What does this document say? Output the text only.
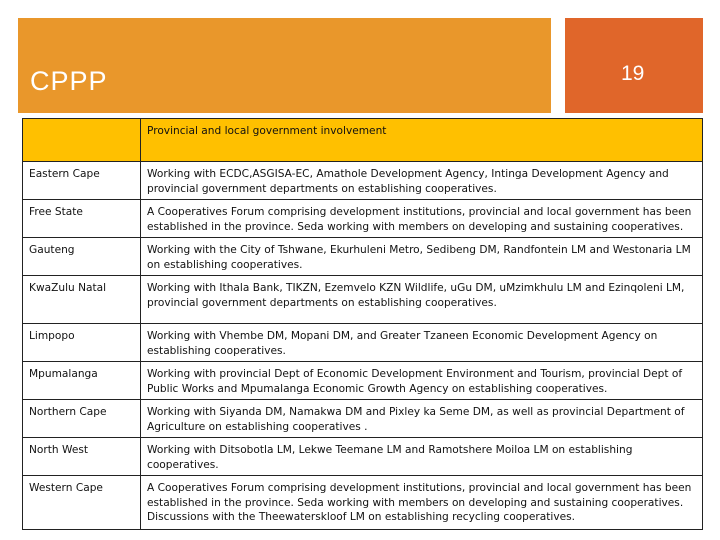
CPPP	19
	Provincial and local government involvement
Eastern Cape	Working with ECDC,ASGISA-EC, Amathole Development Agency, Intinga Development Agency and provincial government departments on establishing cooperatives.
Free State	A Cooperatives Forum comprising development institutions, provincial and local government has been established in the province. Seda working with members on developing and sustaining cooperatives.
Gauteng	Working with the City of Tshwane, Ekurhuleni Metro, Sedibeng DM, Randfontein LM and Westonaria LM on establishing cooperatives.
KwaZulu Natal	Working with Ithala Bank, TIKZN, Ezemvelo KZN Wildlife, uGu DM, uMzimkhulu LM and Ezinqoleni LM, provincial government departments on establishing cooperatives.
Limpopo	Working with Vhembe DM, Mopani DM, and Greater Tzaneen Economic Development Agency on establishing cooperatives.
Mpumalanga	Working with provincial Dept of Economic Development Environment and Tourism, provincial Dept of Public Works and Mpumalanga Economic Growth Agency on establishing cooperatives.
Northern Cape	Working with Siyanda DM, Namakwa DM and Pixley ka Seme DM, as well as provincial Department of Agriculture on establishing cooperatives .
North West	Working with Ditsobotla LM, Lekwe Teemane LM and Ramotshere Moiloa LM on establishing cooperatives.
Western Cape	A Cooperatives Forum comprising development institutions, provincial and local government has been established in the province. Seda working with members on developing and sustaining cooperatives. Discussions with the Theewaterskloof LM on establishing recycling cooperatives.
